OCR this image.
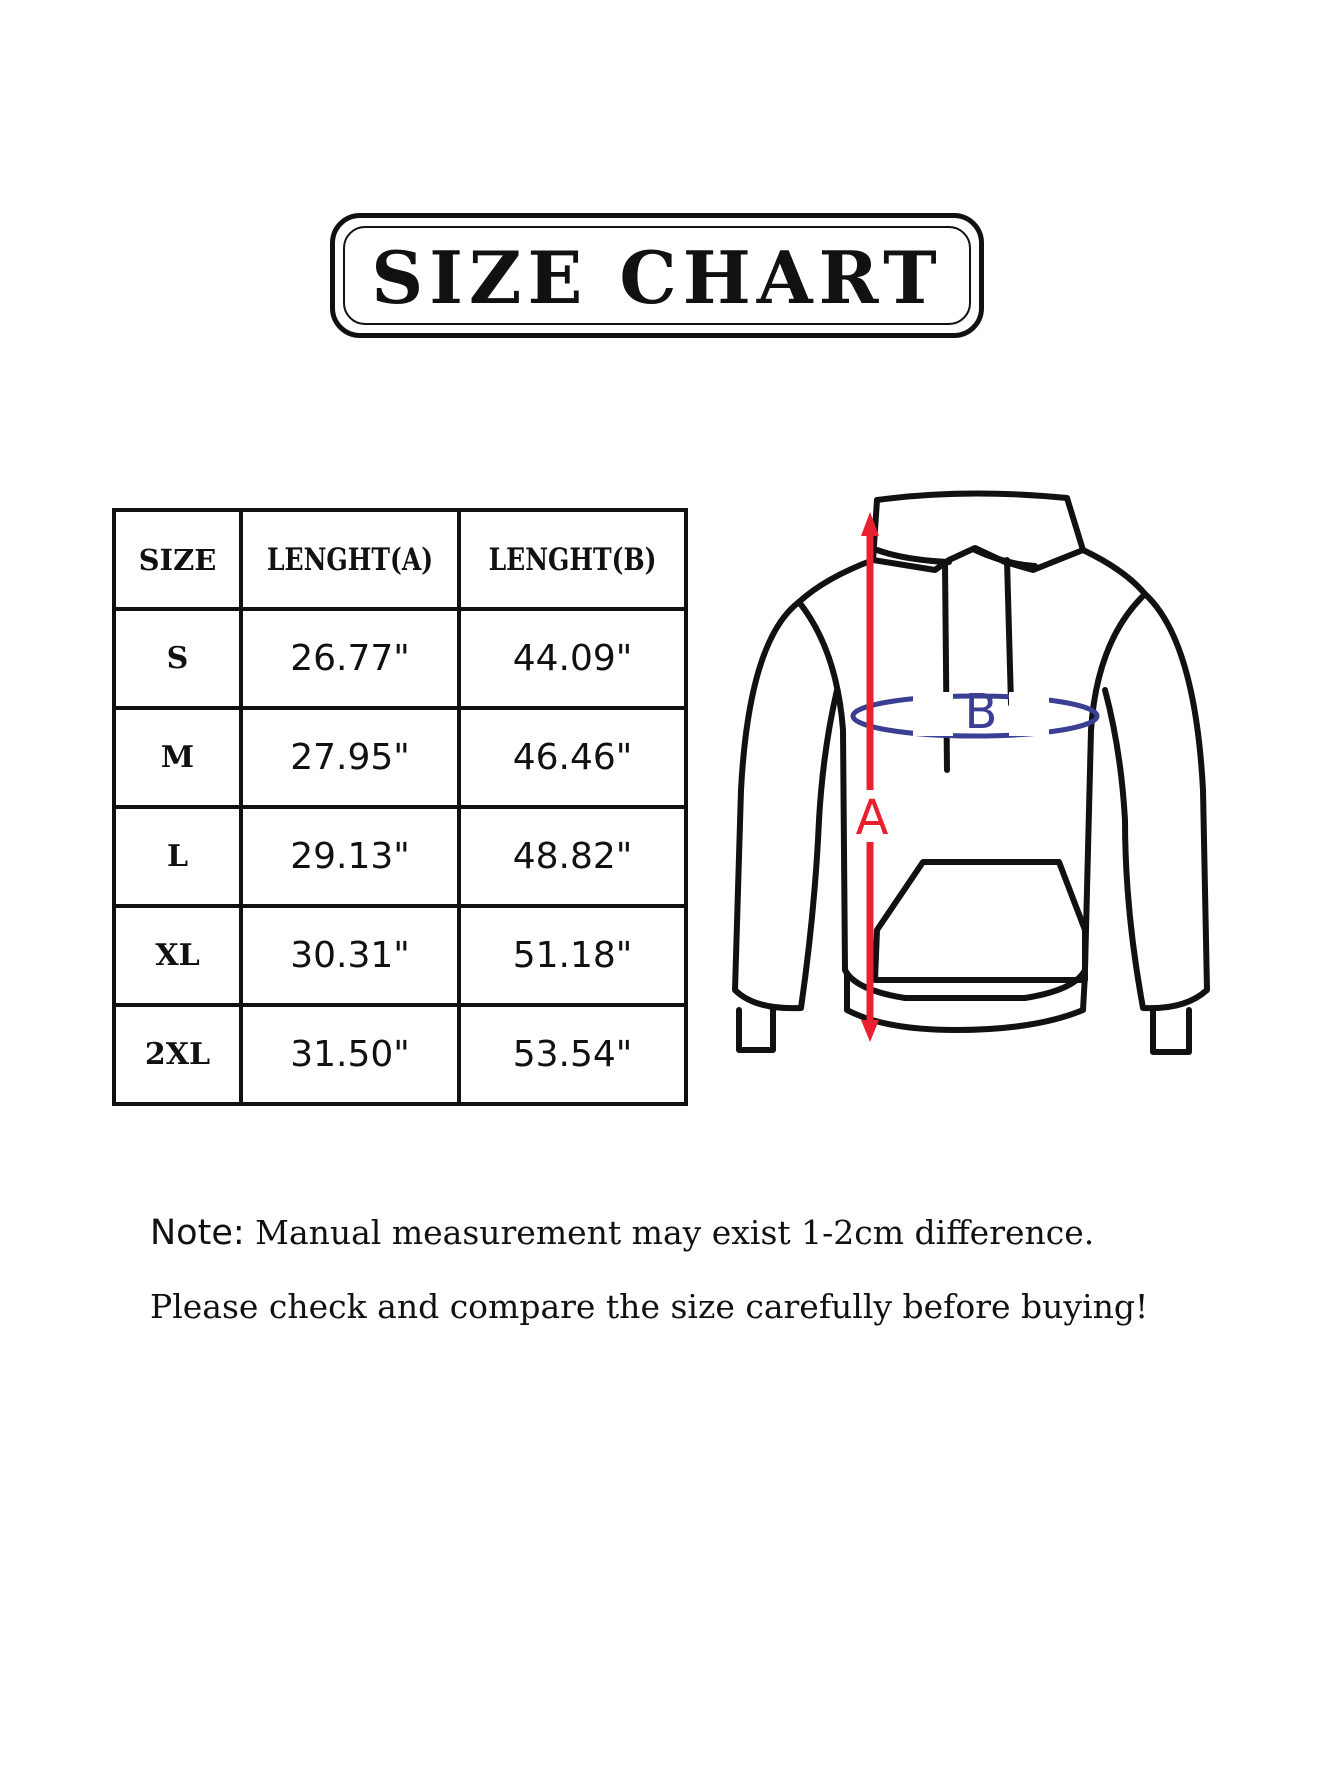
SIZE CHART
SIZE	LENGHT(A)	LENGHT(B)
S	26.77"	44.09"
M	27.95"	46.46"
L	29.13"	48.82"
XL	30.31"	51.18"
2XL	31.50"	53.54"
B
A
Note: Manual measurement may exist 1-2cm difference.
Please check and compare the size carefully before buying!
